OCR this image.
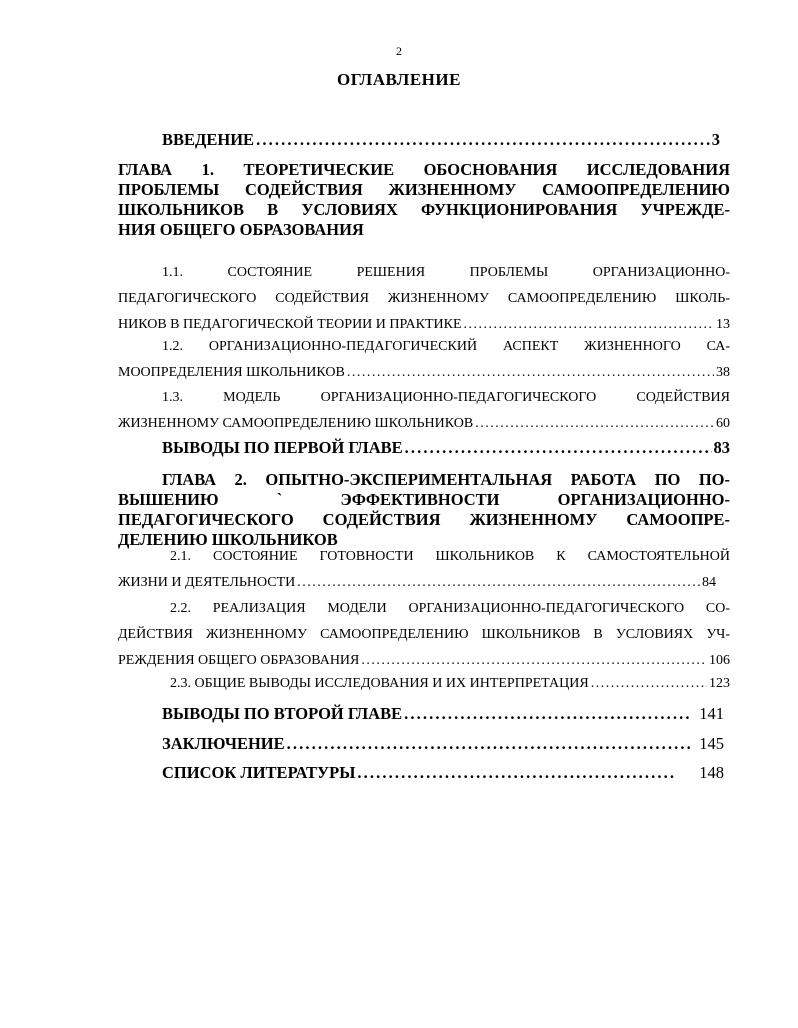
2
ОГЛАВЛЕНИЕ
ВВЕДЕНИЕ . . .	3
ГЛАВА 1. ТЕОРЕТИЧЕСКИЕ ОБОСНОВАНИЯ ИССЛЕДОВАНИЯ
ПРОБЛЕМЫ СОДЕЙСТВИЯ ЖИЗНЕННОМУ САМООПРЕДЕЛЕНИЮ
ШКОЛЬНИКОВ В УСЛОВИЯХ ФУНКЦИОНИРОВАНИЯ УЧРЕЖДЕ-
НИЯ ОБЩЕГО ОБРАЗОВАНИЯ
1.1. СОСТОЯНИЕ РЕШЕНИЯ ПРОБЛЕМЫ ОРГАНИЗАЦИОННО-
ПЕДАГОГИЧЕСКОГО СОДЕЙСТВИЯ ЖИЗНЕННОМУ САМООПРЕДЕЛЕНИЮ ШКОЛЬ-
НИКОВ В ПЕДАГОГИЧЕСКОЙ ТЕОРИИ И ПРАКТИКЕ . . .	13
1.2. ОРГАНИЗАЦИОННО-ПЕДАГОГИЧЕСКИЙ АСПЕКТ ЖИЗНЕННОГО СА-
МООПРЕДЕЛЕНИЯ ШКОЛЬНИКОВ . . .	38
1.3. МОДЕЛЬ ОРГАНИЗАЦИОННО-ПЕДАГОГИЧЕСКОГО СОДЕЙСТВИЯ
ЖИЗНЕННОМУ САМООПРЕДЕЛЕНИЮ ШКОЛЬНИКОВ . . .	60
ВЫВОДЫ ПО ПЕРВОЙ ГЛАВЕ . . .	83
ГЛАВА 2. ОПЫТНО-ЭКСПЕРИМЕНТАЛЬНАЯ РАБОТА ПО ПО-
ВЫШЕНИЮ ` ЭФФЕКТИВНОСТИ ОРГАНИЗАЦИОННО-
ПЕДАГОГИЧЕСКОГО СОДЕЙСТВИЯ ЖИЗНЕННОМУ САМООПРЕ-
ДЕЛЕНИЮ ШКОЛЬНИКОВ
2.1. СОСТОЯНИЕ ГОТОВНОСТИ ШКОЛЬНИКОВ К САМОСТОЯТЕЛЬНОЙ
ЖИЗНИ И ДЕЯТЕЛЬНОСТИ . . .	84
2.2. РЕАЛИЗАЦИЯ МОДЕЛИ ОРГАНИЗАЦИОННО-ПЕДАГОГИЧЕСКОГО СО-
ДЕЙСТВИЯ ЖИЗНЕННОМУ САМООПРЕДЕЛЕНИЮ ШКОЛЬНИКОВ В УСЛОВИЯХ УЧ-
РЕЖДЕНИЯ ОБЩЕГО ОБРАЗОВАНИЯ . . .	106
2.3. ОБЩИЕ ВЫВОДЫ ИССЛЕДОВАНИЯ И ИХ ИНТЕРПРЕТАЦИЯ . . .	123
ВЫВОДЫ ПО ВТОРОЙ ГЛАВЕ . . .	141
ЗАКЛЮЧЕНИЕ . . .	145
СПИСОК ЛИТЕРАТУРЫ . . .	148
